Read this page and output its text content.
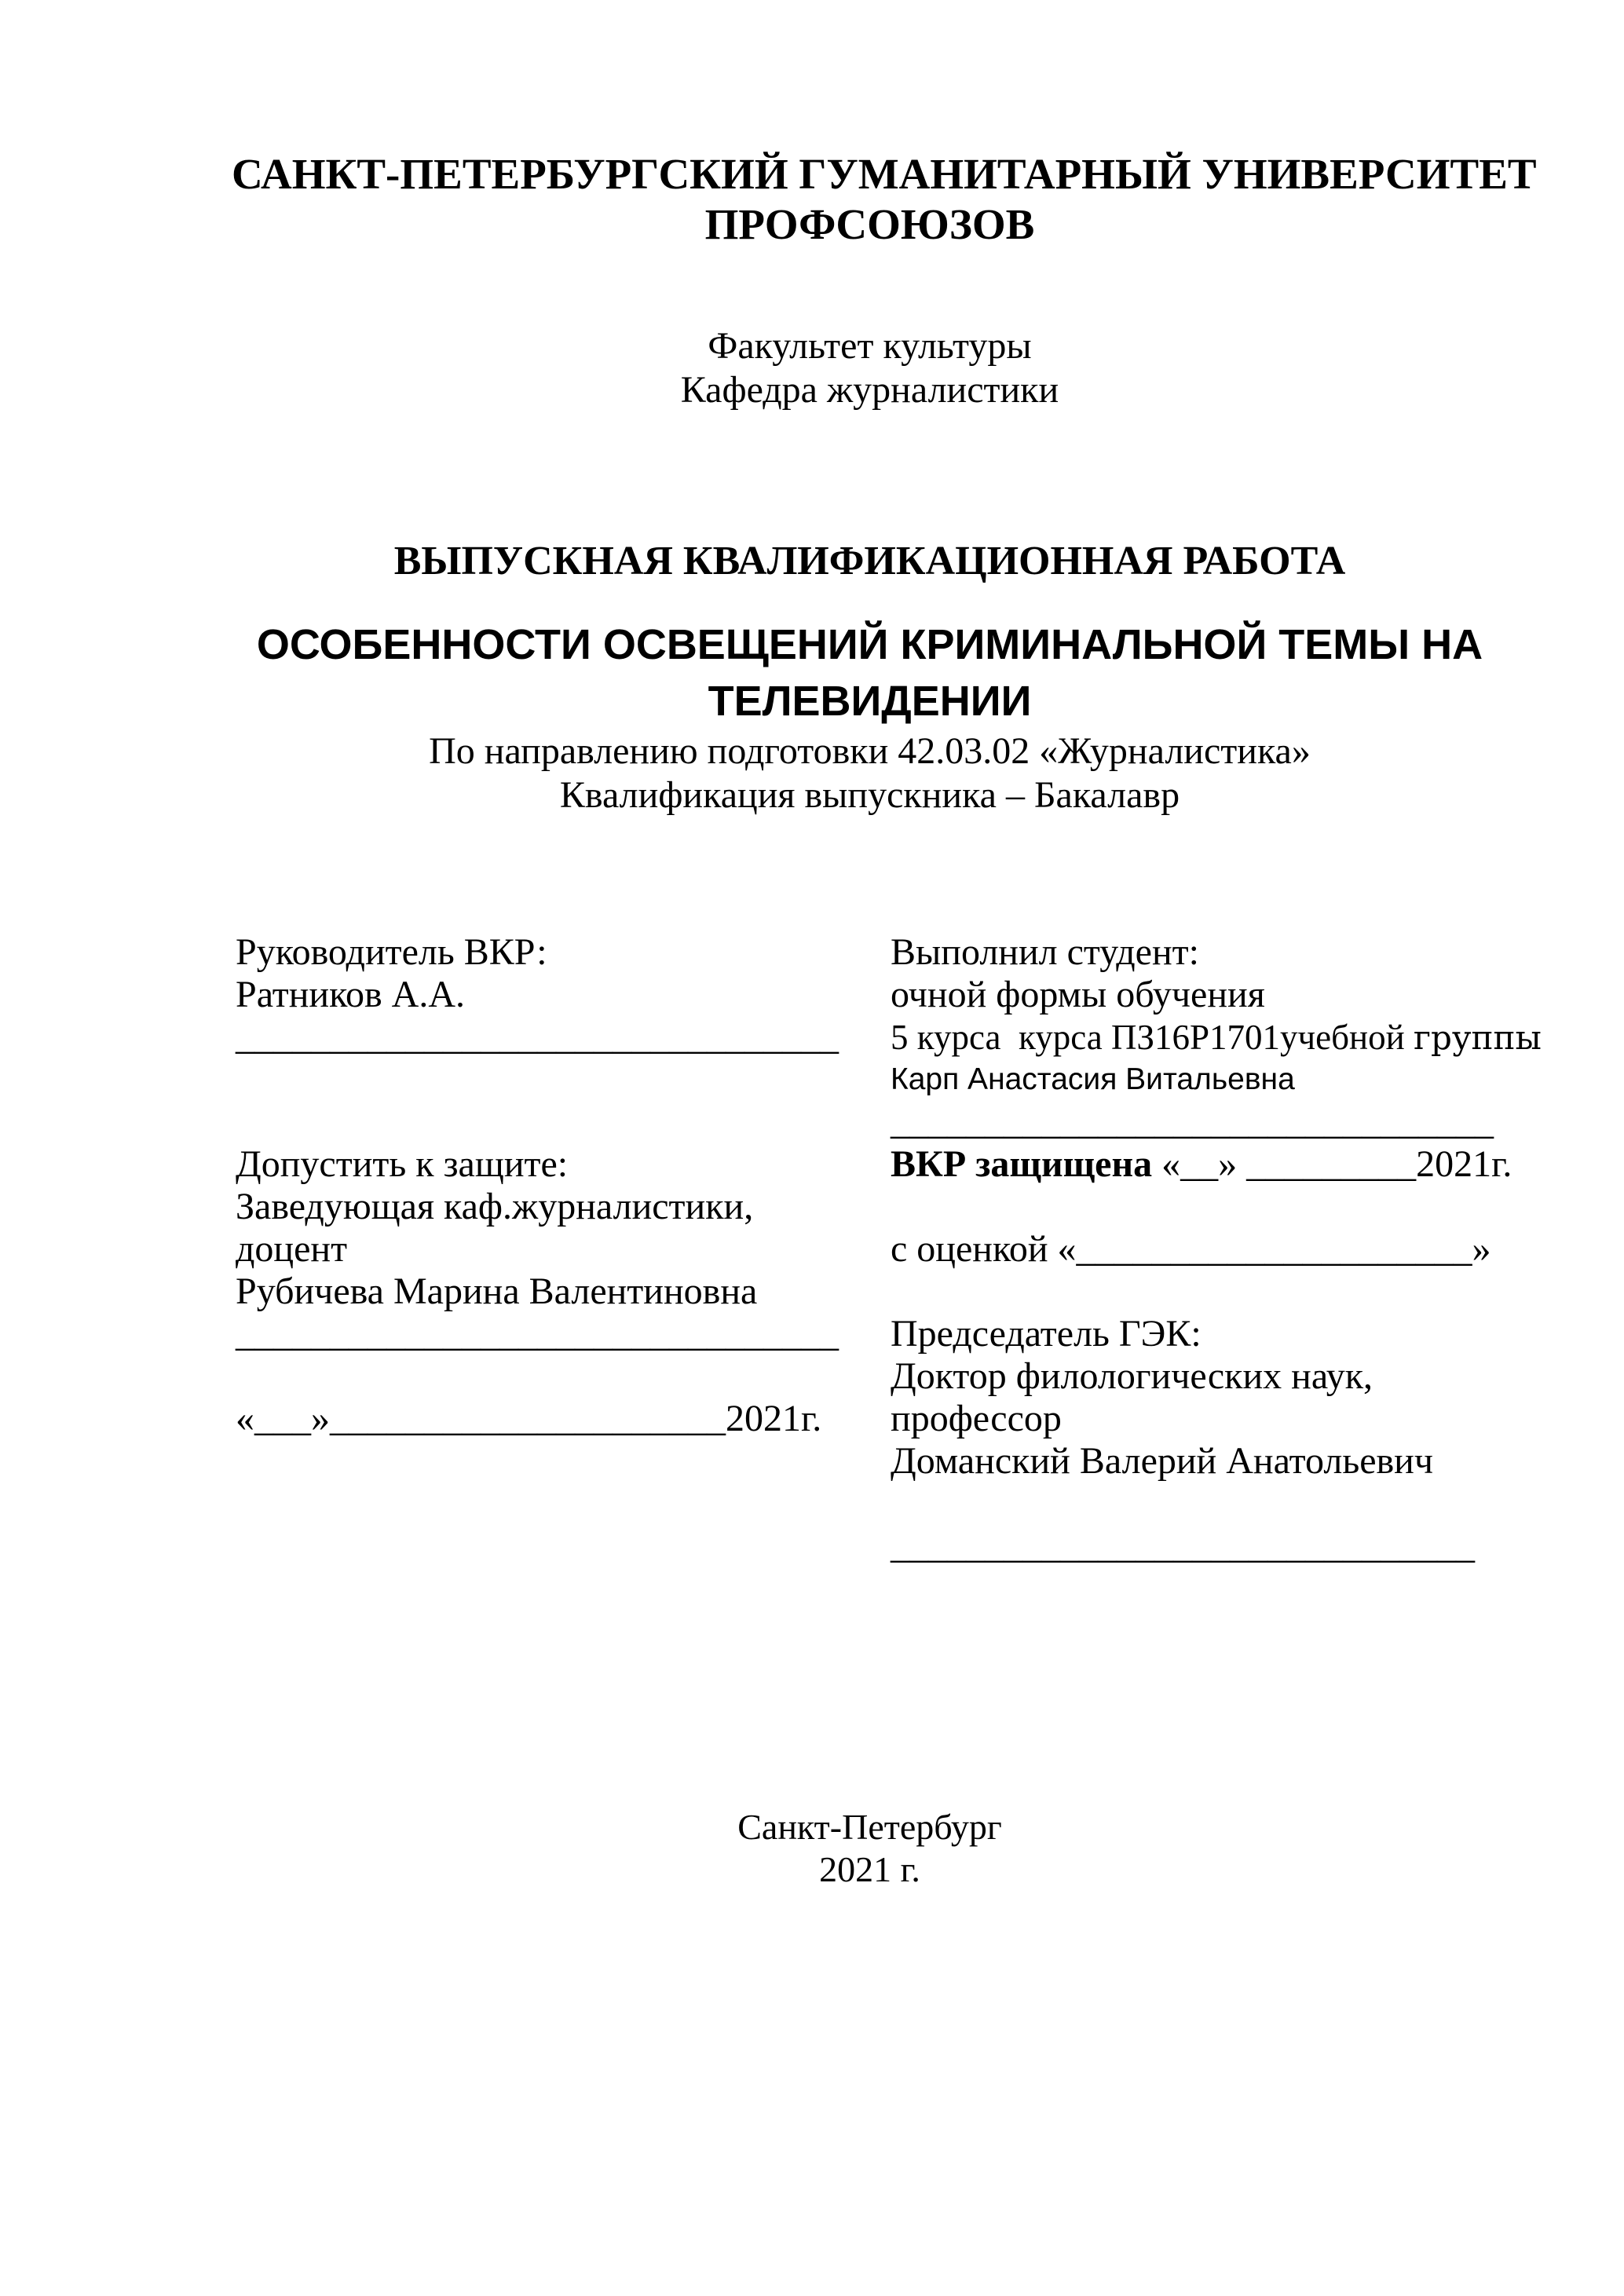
САНКТ-ПЕТЕРБУРГСКИЙ ГУМАНИТАРНЫЙ УНИВЕРСИТЕТ
ПРОФСОЮЗОВ
Факультет культуры
Кафедра журналистики
ВЫПУСКНАЯ КВАЛИФИКАЦИОННАЯ РАБОТА
ОСОБЕННОСТИ ОСВЕЩЕНИЙ КРИМИНАЛЬНОЙ ТЕМЫ НА
ТЕЛЕВИДЕНИИ
По направлению подготовки 42.03.02 «Журналистика»
Квалификация выпускника – Бакалавр
Руководитель ВКР:
Ратников А.А.
________________________________
Допустить к защите:
Заведующая каф.журналистики,
доцент
Рубичева Марина Валентиновна
________________________________
«___»_____________________2021г.
Выполнил студент:
очной формы обучения
5 курса  курса ПЗ16Р1701учебной группы
Карп Анастасия Витальевна
________________________________
ВКР защищена «__» _________2021г.
с оценкой «_____________________»
Председатель ГЭК:
Доктор филологических наук,
профессор
Доманский Валерий Анатольевич
_______________________________
Санкт-Петербург
2021 г.
